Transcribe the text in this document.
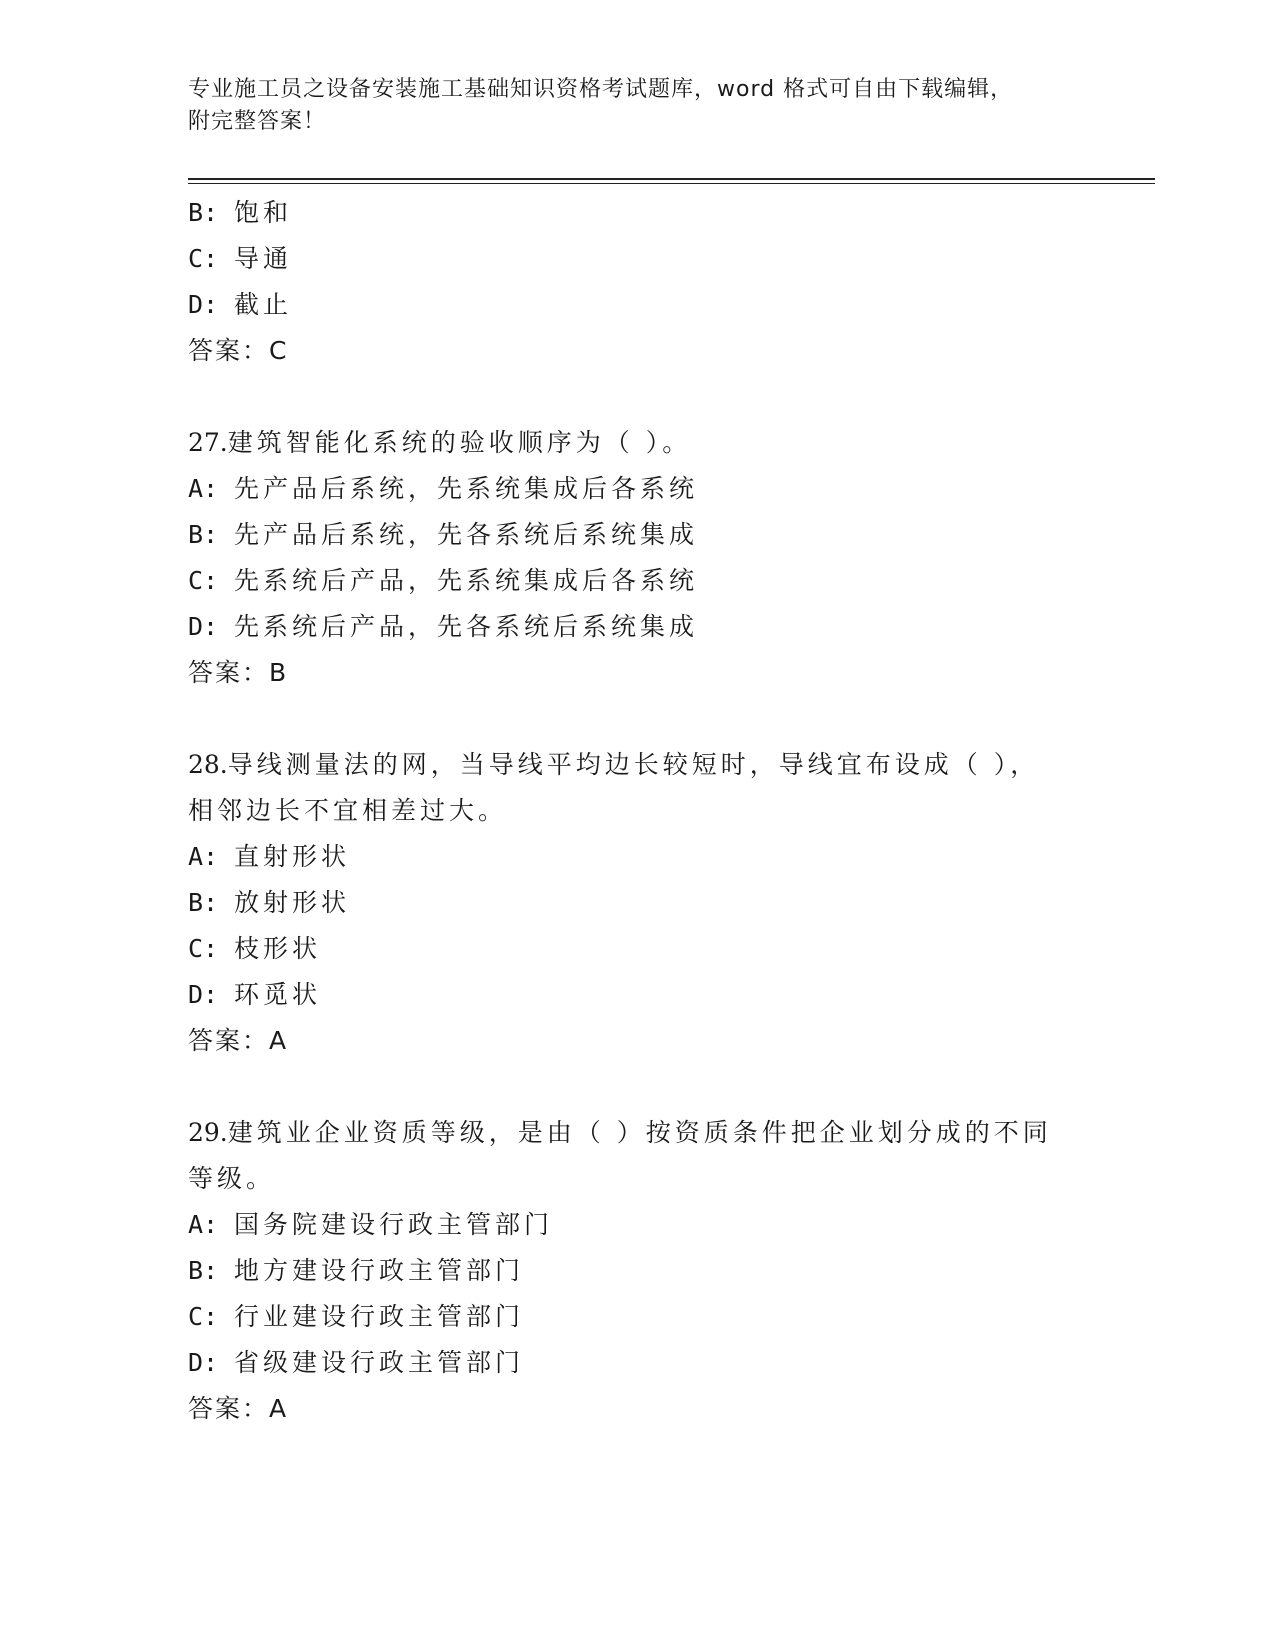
专业施工员之设备安装施工基础知识资格考试题库，word 格式可自由下载编辑，
附完整答案！
B: 饱和
C: 导通
D: 截止
答案：C
27.建筑智能化系统的验收顺序为（ ）。
A: 先产品后系统，先系统集成后各系统
B: 先产品后系统，先各系统后系统集成
C: 先系统后产品，先系统集成后各系统
D: 先系统后产品，先各系统后系统集成
答案：B
28.导线测量法的网，当导线平均边长较短时，导线宜布设成（ ），
相邻边长不宜相差过大。
A: 直射形状
B: 放射形状
C: 枝形状
D: 环觅状
答案：A
29.建筑业企业资质等级，是由（ ）按资质条件把企业划分成的不同
等级。
A: 国务院建设行政主管部门
B: 地方建设行政主管部门
C: 行业建设行政主管部门
D: 省级建设行政主管部门
答案：A
